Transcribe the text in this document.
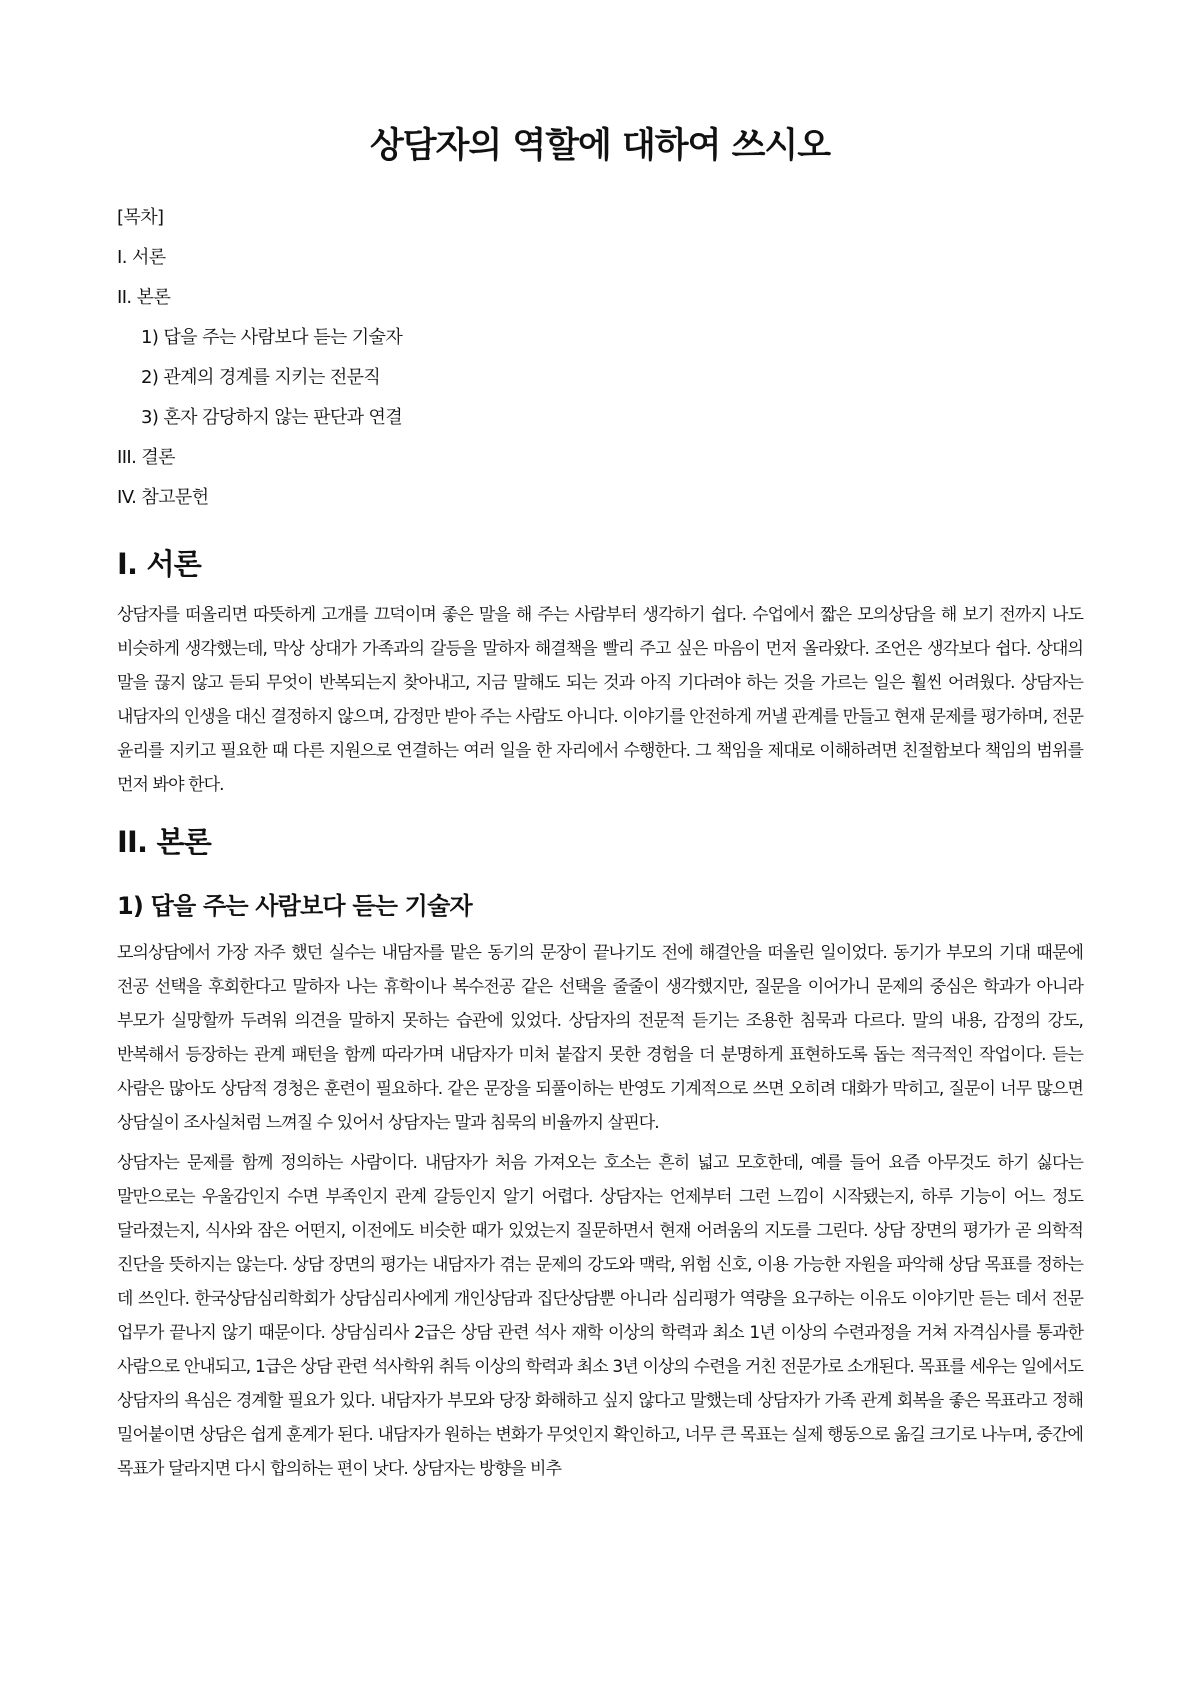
상담자의 역할에 대하여 쓰시오
[목차]
I. 서론
II. 본론
1) 답을 주는 사람보다 듣는 기술자
2) 관계의 경계를 지키는 전문직
3) 혼자 감당하지 않는 판단과 연결
III. 결론
IV. 참고문헌
I. 서론

상담자를 떠올리면 따뜻하게 고개를 끄덕이며 좋은 말을 해 주는 사람부터 생각하기 쉽다. 수업에서 짧은 모의상담을 해 보기 전까지 나도 비슷하게 생각했는데, 막상 상대가 가족과의 갈등을 말하자 해결책을 빨리 주고 싶은 마음이 먼저 올라왔다. 조언은 생각보다 쉽다. 상대의 말을 끊지 않고 듣되 무엇이 반복되는지 찾아내고, 지금 말해도 되는 것과 아직 기다려야 하는 것을 가르는 일은 훨씬 어려웠다. 상담자는 내담자의 인생을 대신 결정하지 않으며, 감정만 받아 주는 사람도 아니다. 이야기를 안전하게 꺼낼 관계를 만들고 현재 문제를 평가하며, 전문 윤리를 지키고 필요한 때 다른 지원으로 연결하는 여러 일을 한 자리에서 수행한다. 그 책임을 제대로 이해하려면 친절함보다 책임의 범위를 먼저 봐야 한다.

II. 본론
1) 답을 주는 사람보다 듣는 기술자

모의상담에서 가장 자주 했던 실수는 내담자를 맡은 동기의 문장이 끝나기도 전에 해결안을 떠올린 일이었다. 동기가 부모의 기대 때문에 전공 선택을 후회한다고 말하자 나는 휴학이나 복수전공 같은 선택을 줄줄이 생각했지만, 질문을 이어가니 문제의 중심은 학과가 아니라 부모가 실망할까 두려워 의견을 말하지 못하는 습관에 있었다. 상담자의 전문적 듣기는 조용한 침묵과 다르다. 말의 내용, 감정의 강도, 반복해서 등장하는 관계 패턴을 함께 따라가며 내담자가 미처 붙잡지 못한 경험을 더 분명하게 표현하도록 돕는 적극적인 작업이다. 듣는 사람은 많아도 상담적 경청은 훈련이 필요하다. 같은 문장을 되풀이하는 반영도 기계적으로 쓰면 오히려 대화가 막히고, 질문이 너무 많으면 상담실이 조사실처럼 느껴질 수 있어서 상담자는 말과 침묵의 비율까지 살핀다.

상담자는 문제를 함께 정의하는 사람이다. 내담자가 처음 가져오는 호소는 흔히 넓고 모호한데, 예를 들어 요즘 아무것도 하기 싫다는 말만으로는 우울감인지 수면 부족인지 관계 갈등인지 알기 어렵다. 상담자는 언제부터 그런 느낌이 시작됐는지, 하루 기능이 어느 정도 달라졌는지, 식사와 잠은 어떤지, 이전에도 비슷한 때가 있었는지 질문하면서 현재 어려움의 지도를 그린다. 상담 장면의 평가가 곧 의학적 진단을 뜻하지는 않는다. 상담 장면의 평가는 내담자가 겪는 문제의 강도와 맥락, 위험 신호, 이용 가능한 자원을 파악해 상담 목표를 정하는 데 쓰인다. 한국상담심리학회가 상담심리사에게 개인상담과 집단상담뿐 아니라 심리평가 역량을 요구하는 이유도 이야기만 듣는 데서 전문 업무가 끝나지 않기 때문이다. 상담심리사 2급은 상담 관련 석사 재학 이상의 학력과 최소 1년 이상의 수련과정을 거쳐 자격심사를 통과한 사람으로 안내되고, 1급은 상담 관련 석사학위 취득 이상의 학력과 최소 3년 이상의 수련을 거친 전문가로 소개된다. 목표를 세우는 일에서도 상담자의 욕심은 경계할 필요가 있다. 내담자가 부모와 당장 화해하고 싶지 않다고 말했는데 상담자가 가족 관계 회복을 좋은 목표라고 정해 밀어붙이면 상담은 쉽게 훈계가 된다. 내담자가 원하는 변화가 무엇인지 확인하고, 너무 큰 목표는 실제 행동으로 옮길 크기로 나누며, 중간에 목표가 달라지면 다시 합의하는 편이 낫다. 상담자는 방향을 비추
